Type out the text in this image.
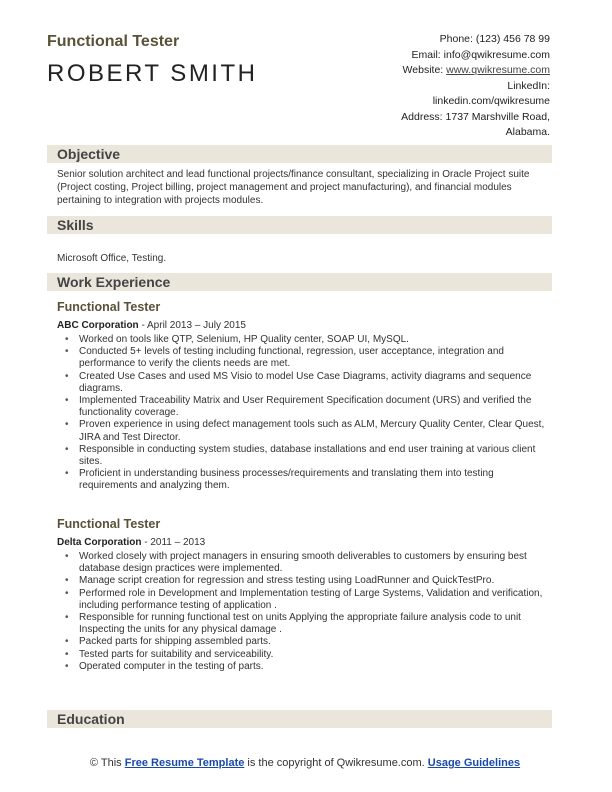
Functional Tester
ROBERT SMITH
Phone: (123) 456 78 99
Email: info@qwikresume.com
Website: www.qwikresume.com
LinkedIn:
linkedin.com/qwikresume
Address: 1737 Marshville Road,
Alabama.
Objective
Senior solution architect and lead functional projects/finance consultant, specializing in Oracle Project suite (Project costing, Project billing, project management and project manufacturing), and financial modules pertaining to integration with projects modules.
Skills
Microsoft Office, Testing.
Work Experience
Functional Tester
ABC Corporation - April 2013 – July 2015
• Worked on tools like QTP, Selenium, HP Quality center, SOAP UI, MySQL.
• Conducted 5+ levels of testing including functional, regression, user acceptance, integration and performance to verify the clients needs are met.
• Created Use Cases and used MS Visio to model Use Case Diagrams, activity diagrams and sequence diagrams.
• Implemented Traceability Matrix and User Requirement Specification document (URS) and verified the functionality coverage.
• Proven experience in using defect management tools such as ALM, Mercury Quality Center, Clear Quest, JIRA and Test Director.
• Responsible in conducting system studies, database installations and end user training at various client sites.
• Proficient in understanding business processes/requirements and translating them into testing requirements and analyzing them.
Functional Tester
Delta Corporation - 2011 – 2013
• Worked closely with project managers in ensuring smooth deliverables to customers by ensuring best database design practices were implemented.
• Manage script creation for regression and stress testing using LoadRunner and QuickTestPro.
• Performed role in Development and Implementation testing of Large Systems, Validation and verification, including performance testing of application .
• Responsible for running functional test on units Applying the appropriate failure analysis code to unit Inspecting the units for any physical damage .
• Packed parts for shipping assembled parts.
• Tested parts for suitability and serviceability.
• Operated computer in the testing of parts.
Education
© This Free Resume Template is the copyright of Qwikresume.com. Usage Guidelines
